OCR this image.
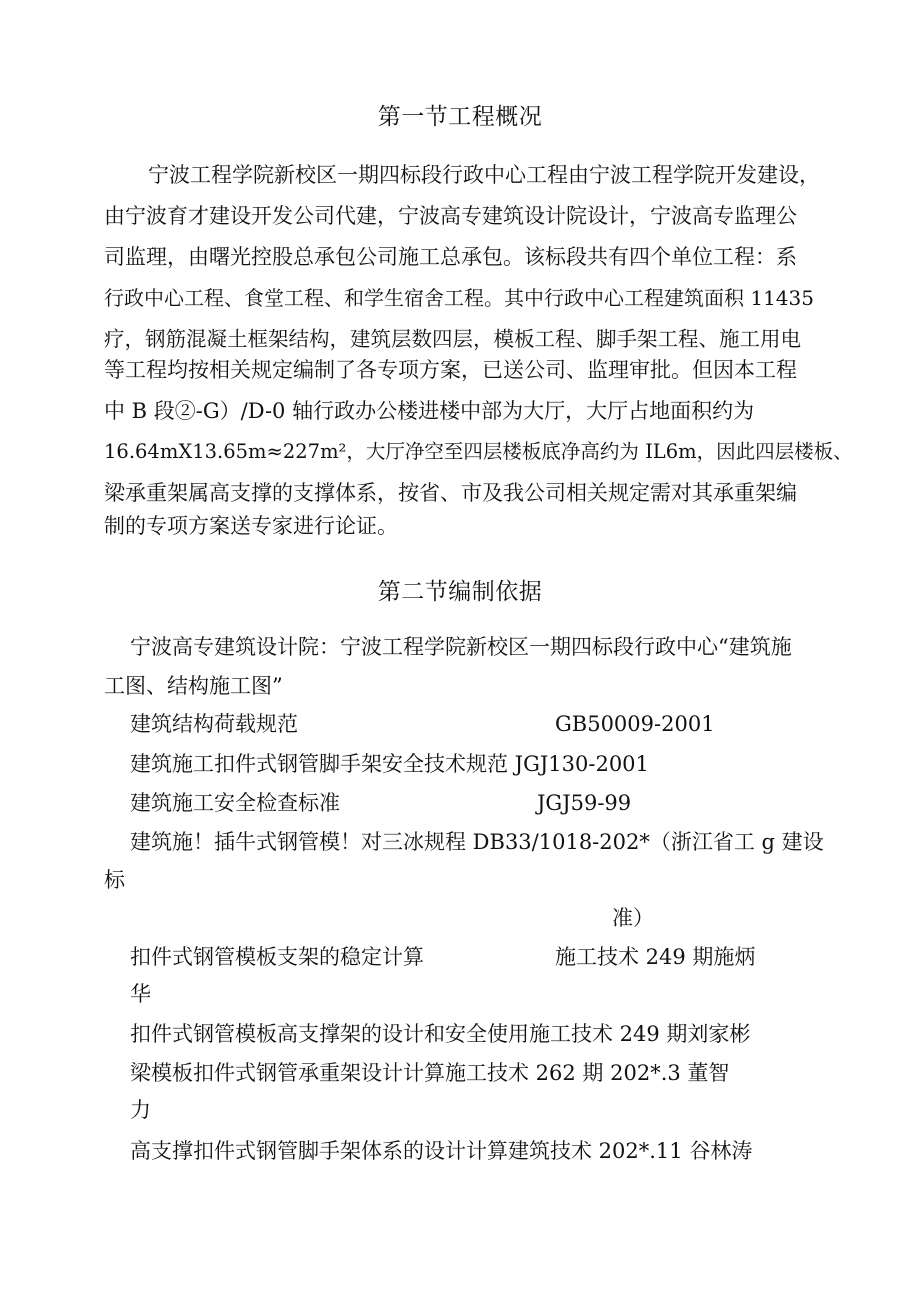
第一节工程概况
宁波工程学院新校区一期四标段行政中心工程由宁波工程学院开发建设，
由宁波育才建设开发公司代建，宁波高专建筑设计院设计，宁波高专监理公
司监理，由曙光控股总承包公司施工总承包。该标段共有四个单位工程：系
行政中心工程、食堂工程、和学生宿舍工程。其中行政中心工程建筑面积 11435
疗，钢筋混凝土框架结构，建筑层数四层，模板工程、脚手架工程、施工用电
等工程均按相关规定编制了各专项方案，已送公司、监理审批。但因本工程
中 B 段②-G）/D-0 轴行政办公楼进楼中部为大厅，大厅占地面积约为
16.64mX13.65m≈227m²，大厅净空至四层楼板底净高约为 IL6m，因此四层楼板、
梁承重架属高支撑的支撑体系，按省、市及我公司相关规定需对其承重架编
制的专项方案送专家进行论证。
第二节编制依据
宁波高专建筑设计院：宁波工程学院新校区一期四标段行政中心“建筑施
工图、结构施工图”
建筑结构荷载规范	GB50009-2001
建筑施工扣件式钢管脚手架安全技术规范 JGJ130-2001
建筑施工安全检查标准	JGJ59-99
建筑施！插牛式钢管模！对三冰规程 DB33/1018-202*（浙江省工 g 建设
标
准）
扣件式钢管模板支架的稳定计算	施工技术 249 期施炳
华
扣件式钢管模板高支撑架的设计和安全使用施工技术 249 期刘家彬
梁模板扣件式钢管承重架设计计算施工技术 262 期 202*.3 董智
力
高支撑扣件式钢管脚手架体系的设计计算建筑技术 202*.11 谷林涛
